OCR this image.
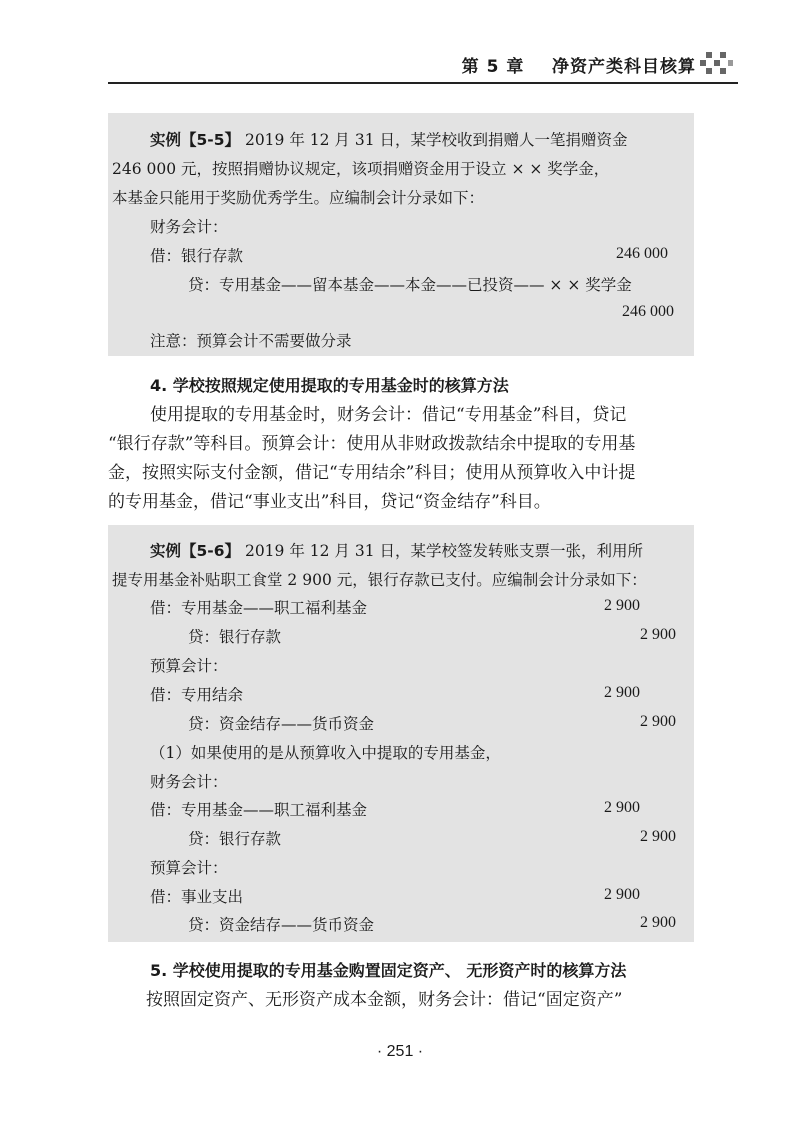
第 5 章    净资产类科目核算
实例【5-5】 2019 年 12 月 31 日，某学校收到捐赠人一笔捐赠资金
246 000 元，按照捐赠协议规定，该项捐赠资金用于设立 × × 奖学金，
本基金只能用于奖励优秀学生。应编制会计分录如下：
财务会计：
借：银行存款	246 000
贷：专用基金——留本基金——本金——已投资—— × × 奖学金
246 000
注意：预算会计不需要做分录
4. 学校按照规定使用提取的专用基金时的核算方法
使用提取的专用基金时，财务会计：借记“专用基金”科目，贷记
“银行存款”等科目。预算会计：使用从非财政拨款结余中提取的专用基
金，按照实际支付金额，借记“专用结余”科目；使用从预算收入中计提
的专用基金，借记“事业支出”科目，贷记“资金结存”科目。
实例【5-6】 2019 年 12 月 31 日，某学校签发转账支票一张，利用所
提专用基金补贴职工食堂 2 900 元，银行存款已支付。应编制会计分录如下：
借：专用基金——职工福利基金	2 900
贷：银行存款	2 900
预算会计：
借：专用结余	2 900
贷：资金结存——货币资金	2 900
（1）如果使用的是从预算收入中提取的专用基金，
财务会计：
借：专用基金——职工福利基金	2 900
贷：银行存款	2 900
预算会计：
借：事业支出	2 900
贷：资金结存——货币资金	2 900
5. 学校使用提取的专用基金购置固定资产、 无形资产时的核算方法
按照固定资产、无形资产成本金额，财务会计：借记“固定资产”
· 251 ·
